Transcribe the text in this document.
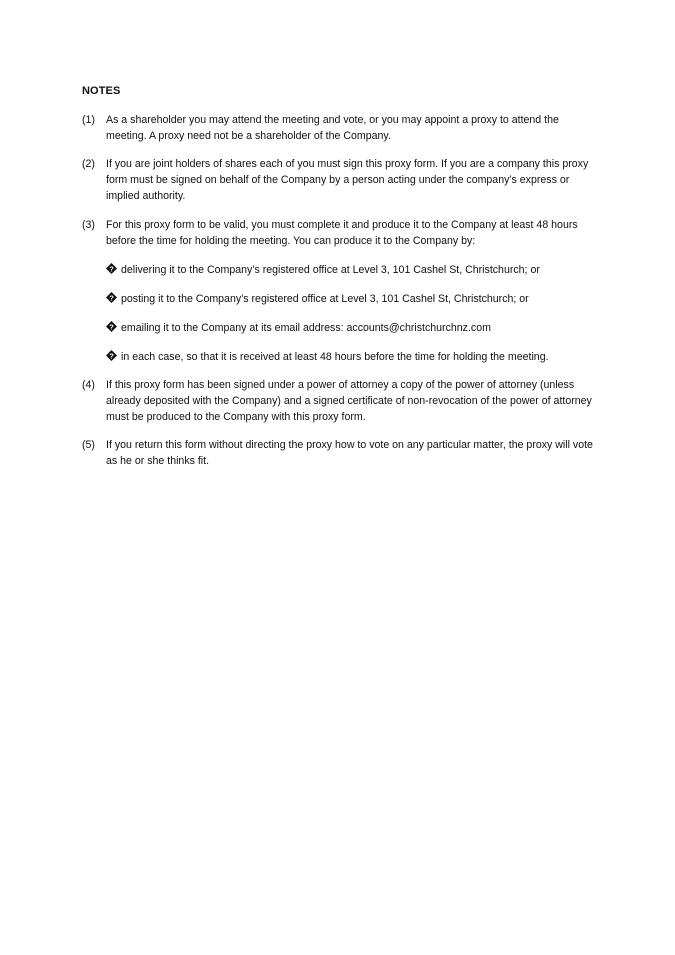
NOTES
(1)	As a shareholder you may attend the meeting and vote, or you may appoint a proxy to attend the meeting. A proxy need not be a shareholder of the Company.
(2)	If you are joint holders of shares each of you must sign this proxy form. If you are a company this proxy form must be signed on behalf of the Company by a person acting under the company’s express or implied authority.
(3)	For this proxy form to be valid, you must complete it and produce it to the Company at least 48 hours before the time for holding the meeting. You can produce it to the Company by:
? delivering it to the Company’s registered office at Level 3, 101 Cashel St, Christchurch; or
? posting it to the Company’s registered office at Level 3, 101 Cashel St, Christchurch; or
? emailing it to the Company at its email address: accounts@christchurchnz.com
? in each case, so that it is received at least 48 hours before the time for holding the meeting.
(4)	If this proxy form has been signed under a power of attorney a copy of the power of attorney (unless already deposited with the Company) and a signed certificate of non-revocation of the power of attorney must be produced to the Company with this proxy form.
(5)	If you return this form without directing the proxy how to vote on any particular matter, the proxy will vote as he or she thinks fit.
